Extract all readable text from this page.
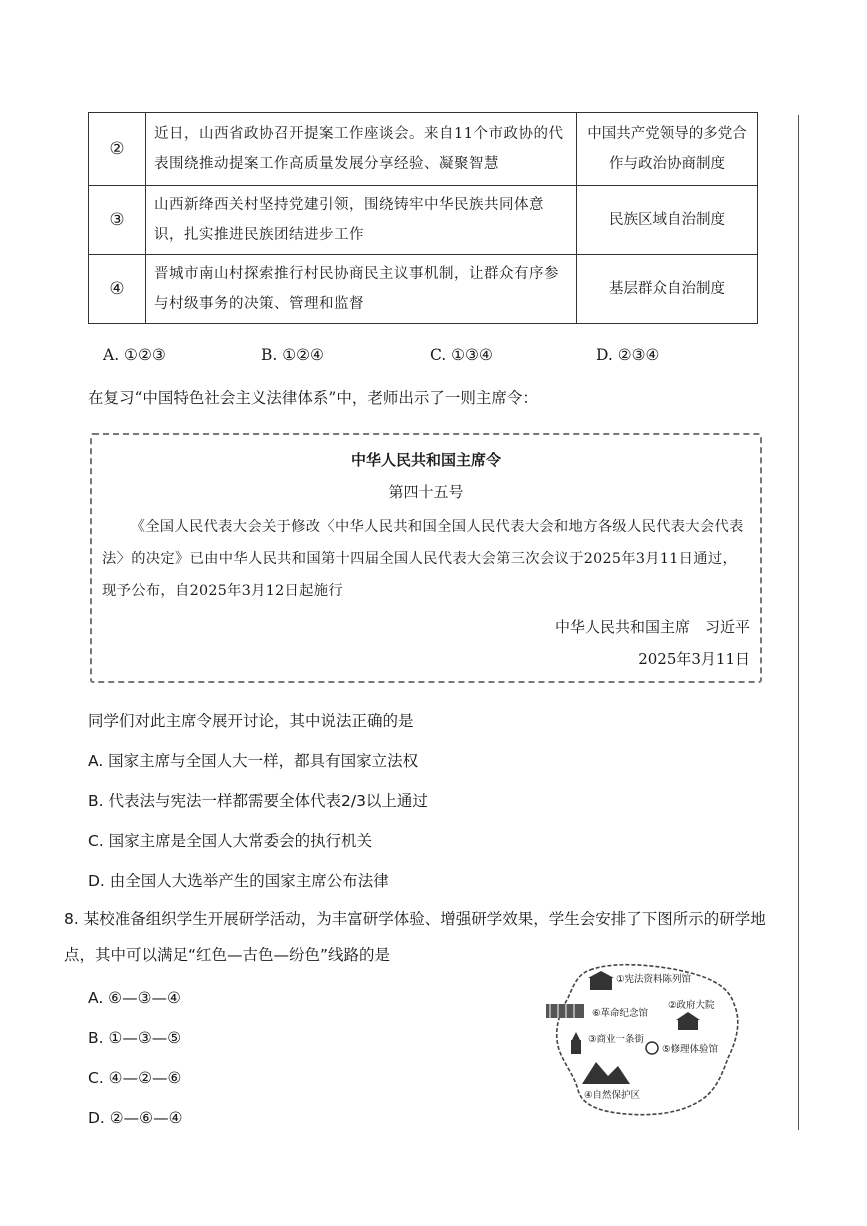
②	近日，山西省政协召开提案工作座谈会。来自11个市政协的代表围绕推动提案工作高质量发展分享经验、凝聚智慧	中国共产党领导的多党合作与政治协商制度
③	山西新绛西关村坚持党建引领，围绕铸牢中华民族共同体意识，扎实推进民族团结进步工作	民族区域自治制度
④	晋城市南山村探索推行村民协商民主议事机制，让群众有序参与村级事务的决策、管理和监督	基层群众自治制度
A. ①②③	B. ①②④	C. ①③④	D. ②③④
在复习“中国特色社会主义法律体系”中，老师出示了一则主席令：
中华人民共和国主席令
第四十五号
《全国人民代表大会关于修改〈中华人民共和国全国人民代表大会和地方各级人民代表大会代表法〉的决定》已由中华人民共和国第十四届全国人民代表大会第三次会议于2025年3月11日通过，现予公布，自2025年3月12日起施行
中华人民共和国主席　习近平
2025年3月11日
同学们对此主席令展开讨论，其中说法正确的是
A. 国家主席与全国人大一样，都具有国家立法权
B. 代表法与宪法一样都需要全体代表2/3以上通过
C. 国家主席是全国人大常委会的执行机关
D. 由全国人大选举产生的国家主席公布法律
8. 某校准备组织学生开展研学活动，为丰富研学体验、增强研学效果，学生会安排了下图所示的研学地点，其中可以满足“红色—古色—纷色”线路的是
A. ⑥—③—④
B. ①—③—⑤
C. ④—②—⑥
D. ②—⑥—④
①宪法资料陈列馆
②政府大院
⑥革命纪念馆
③商业一条街
⑤修理体验馆
④自然保护区
